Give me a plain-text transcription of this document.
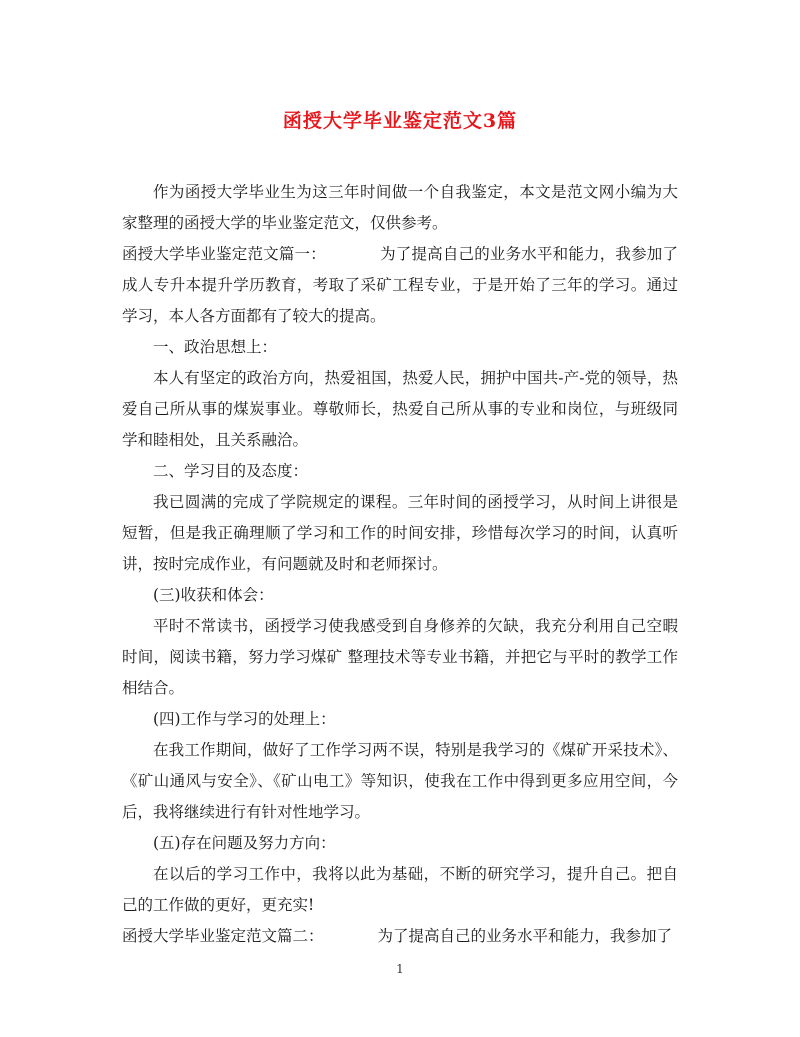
函授大学毕业鉴定范文3篇

作为函授大学毕业生为这三年时间做一个自我鉴定，本文是范文网小编为大家整理的函授大学的毕业鉴定范文，仅供参考。

函授大学毕业鉴定范文篇一：	为了提高自己的业务水平和能力，我参加了成人专升本提升学历教育，考取了采矿工程专业，于是开始了三年的学习。通过学习，本人各方面都有了较大的提高。

一、政治思想上：

本人有坚定的政治方向，热爱祖国，热爱人民，拥护中国共-产-党的领导，热爱自己所从事的煤炭事业。尊敬师长，热爱自己所从事的专业和岗位，与班级同学和睦相处，且关系融洽。

二、学习目的及态度：

我已圆满的完成了学院规定的课程。三年时间的函授学习，从时间上讲很是短暂，但是我正确理顺了学习和工作的时间安排，珍惜每次学习的时间，认真听讲，按时完成作业，有问题就及时和老师探讨。

(三)收获和体会：

平时不常读书，函授学习使我感受到自身修养的欠缺，我充分利用自己空暇时间，阅读书籍，努力学习煤矿 整理技术等专业书籍，并把它与平时的教学工作相结合。

(四)工作与学习的处理上：

在我工作期间，做好了工作学习两不误，特别是我学习的《煤矿开采技术》、《矿山通风与安全》、《矿山电工》等知识，使我在工作中得到更多应用空间，今后，我将继续进行有针对性地学习。

(五)存在问题及努力方向：

在以后的学习工作中，我将以此为基础，不断的研究学习，提升自己。把自己的工作做的更好，更充实!

函授大学毕业鉴定范文篇二：	为了提高自己的业务水平和能力，我参加了

1
